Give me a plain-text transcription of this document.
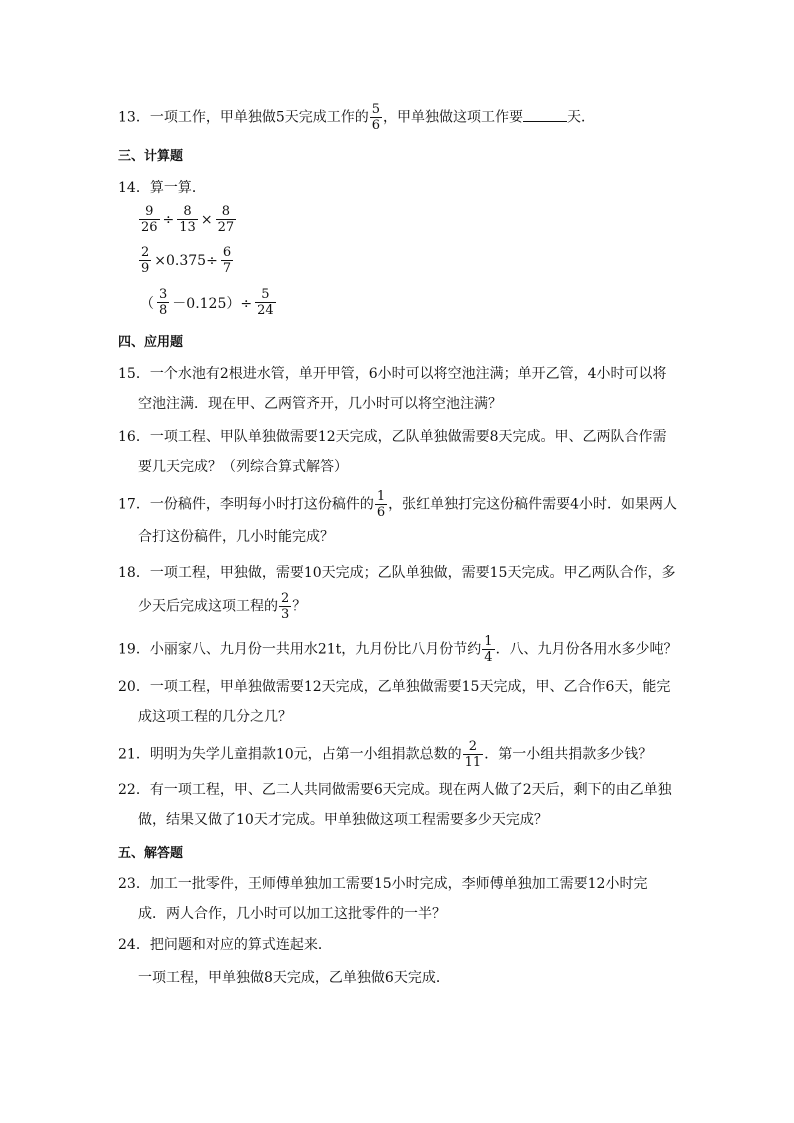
13．一项工作，甲单独做5天完成工作的 $\frac{5}{6}$ ，甲单独做这项工作要	天．
三、计算题
14．算一算．
$\frac{9}{26} \div \frac{8}{13} \times \frac{8}{27}$
$\frac{2}{9} \times 0.375\div \frac{6}{7}$
（ $\frac{3}{8} -0.125)\div \frac{5}{24}$
四、应用题
15．一个水池有2根进水管，单开甲管，6小时可以将空池注满；单开乙管，4小时可以将
空池注满．现在甲、乙两管齐开，几小时可以将空池注满？
16．一项工程、甲队单独做需要12天完成，乙队单独做需要8天完成。甲、乙两队合作需
要几天完成？（列综合算式解答）
17．一份稿件，李明每小时打这份稿件的 $\frac{1}{6}$ ，张红单独打完这份稿件需要4小时．如果两人
合打这份稿件，几小时能完成？
18．一项工程，甲独做，需要10天完成；乙队单独做，需要15天完成。甲乙两队合作，多
少天后完成这项工程的 $\frac{2}{3}$ ？
19．小丽家八、九月份一共用水21t，九月份比八月份节约 $\frac{1}{4}$ ．八、九月份各用水多少吨？
20．一项工程，甲单独做需要12天完成，乙单独做需要15天完成，甲、乙合作6天，能完
成这项工程的几分之几？
21．明明为失学儿童捐款10元，占第一小组捐款总数的 $\frac{2}{11}$ ．第一小组共捐款多少钱？
22．有一项工程，甲、乙二人共同做需要6天完成。现在两人做了2天后，剩下的由乙单独
做，结果又做了10天才完成。甲单独做这项工程需要多少天完成？
五、解答题
23．加工一批零件，王师傅单独加工需要15小时完成，李师傅单独加工需要12小时完
成．两人合作，几小时可以加工这批零件的一半？
24．把问题和对应的算式连起来．
一项工程，甲单独做8天完成，乙单独做6天完成．
